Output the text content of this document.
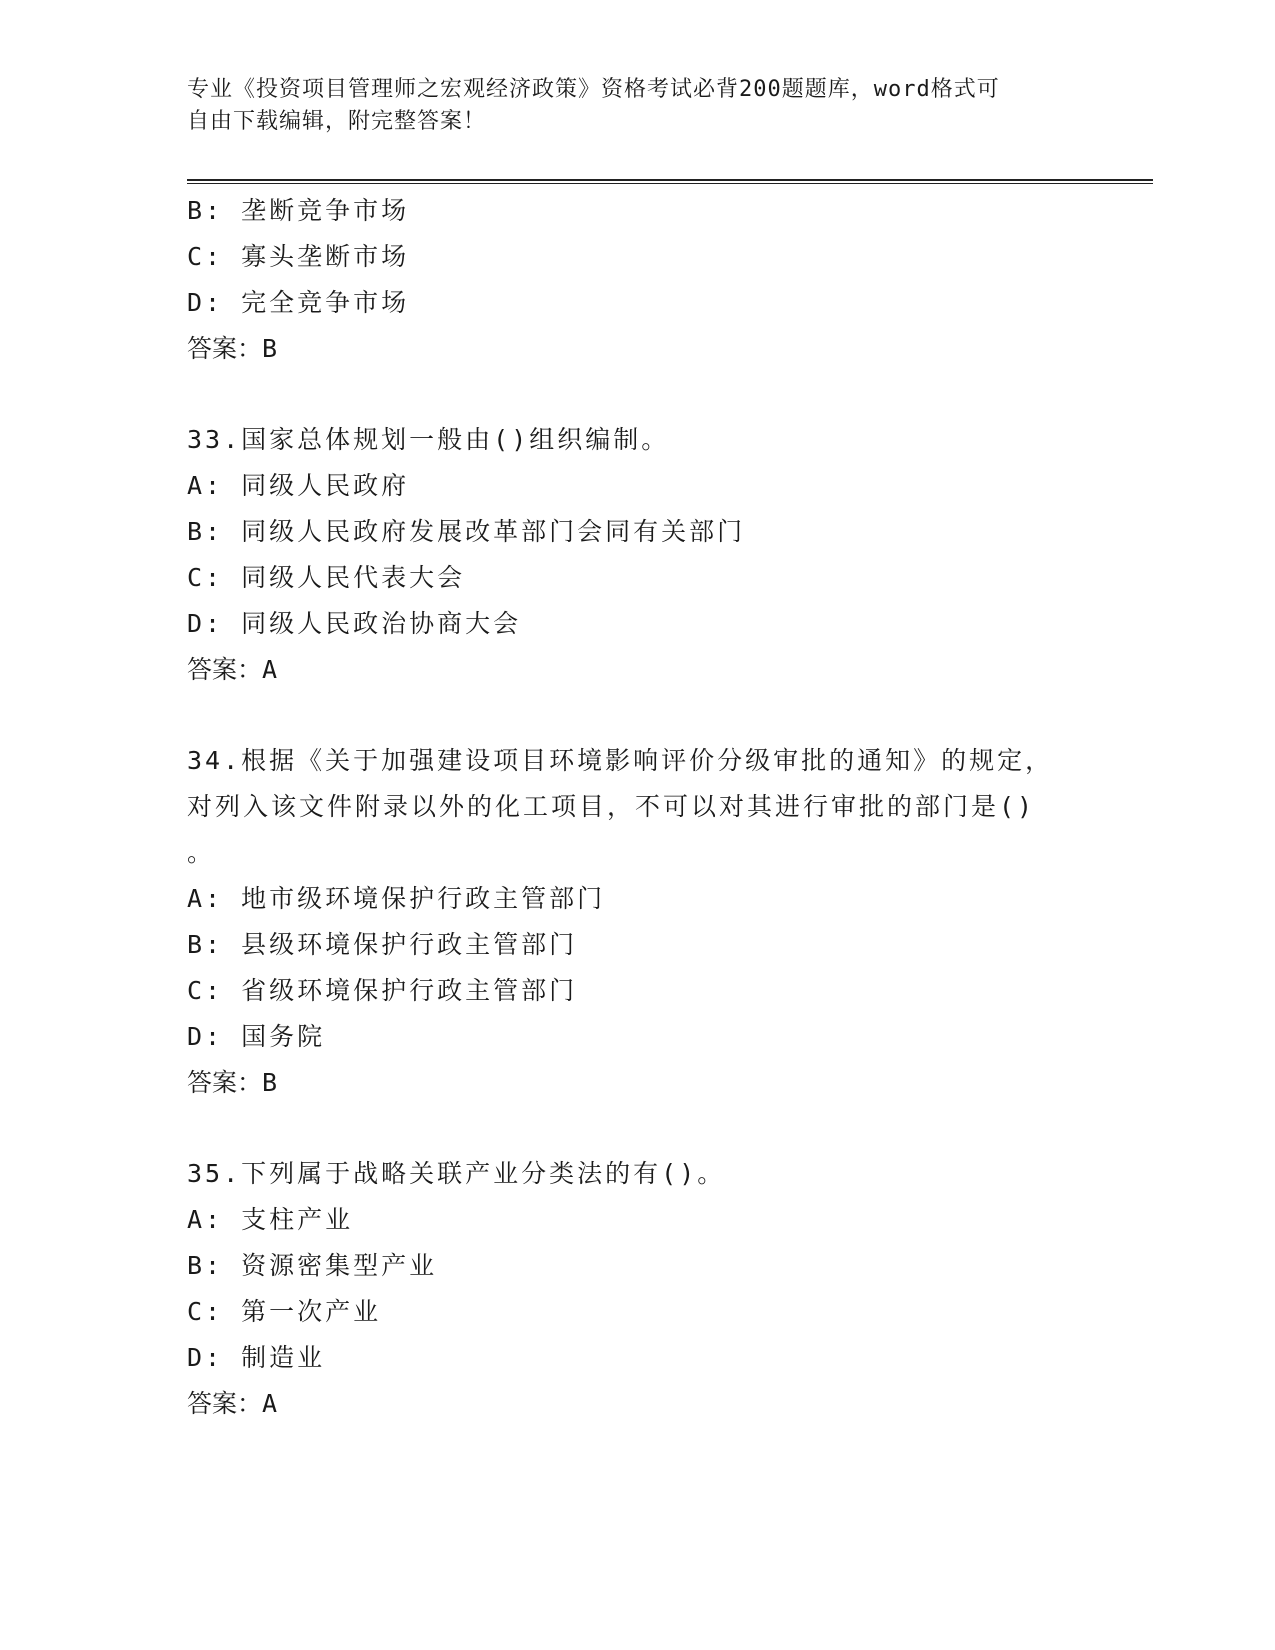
专业《投资项目管理师之宏观经济政策》资格考试必背200题题库，word格式可
自由下载编辑，附完整答案！
B: 垄断竞争市场
C: 寡头垄断市场
D: 完全竞争市场
答案：B
33.国家总体规划一般由()组织编制。
A: 同级人民政府
B: 同级人民政府发展改革部门会同有关部门
C: 同级人民代表大会
D: 同级人民政治协商大会
答案：A
34.根据《关于加强建设项目环境影响评价分级审批的通知》的规定，
对列入该文件附录以外的化工项目，不可以对其进行审批的部门是()
。
A: 地市级环境保护行政主管部门
B: 县级环境保护行政主管部门
C: 省级环境保护行政主管部门
D: 国务院
答案：B
35.下列属于战略关联产业分类法的有()。
A: 支柱产业
B: 资源密集型产业
C: 第一次产业
D: 制造业
答案：A
